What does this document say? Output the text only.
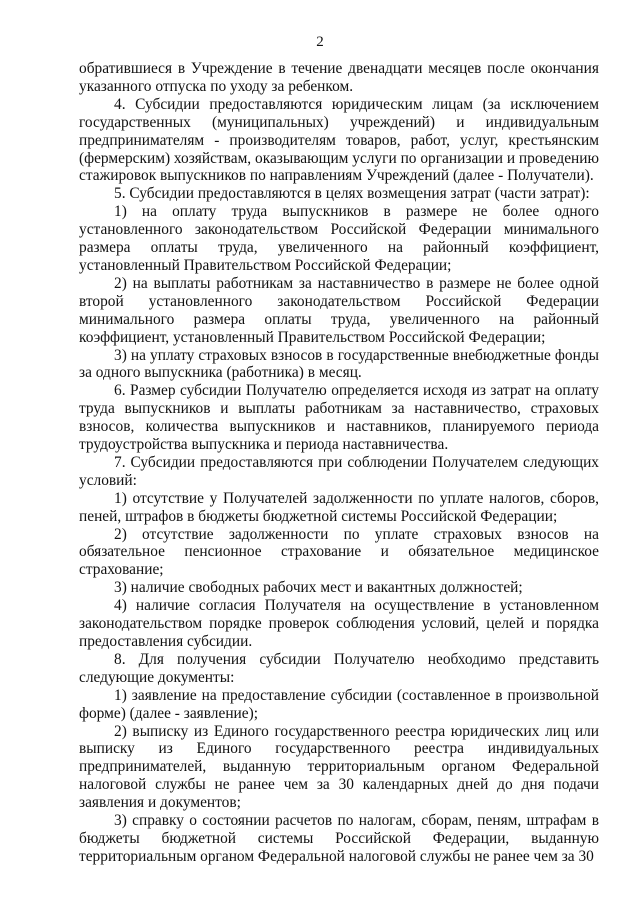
2

обратившиеся в Учреждение в течение двенадцати месяцев после окончания указанного отпуска по уходу за ребенком.

4. Субсидии предоставляются юридическим лицам (за исключением государственных (муниципальных) учреждений) и индивидуальным предпринимателям - производителям товаров, работ, услуг, крестьянским (фермерским) хозяйствам, оказывающим услуги по организации и проведению стажировок выпускников по направлениям Учреждений (далее - Получатели).

5. Субсидии предоставляются в целях возмещения затрат (части затрат):

1) на оплату труда выпускников в размере не более одного установленного законодательством Российской Федерации минимального размера оплаты труда, увеличенного на районный коэффициент, установленный Правительством Российской Федерации;

2) на выплаты работникам за наставничество в размере не более одной второй установленного законодательством Российской Федерации минимального размера оплаты труда, увеличенного на районный коэффициент, установленный Правительством Российской Федерации;

3) на уплату страховых взносов в государственные внебюджетные фонды за одного выпускника (работника) в месяц.

6. Размер субсидии Получателю определяется исходя из затрат на оплату труда выпускников и выплаты работникам за наставничество, страховых взносов, количества выпускников и наставников, планируемого периода трудоустройства выпускника и периода наставничества.

7. Субсидии предоставляются при соблюдении Получателем следующих условий:

1) отсутствие у Получателей задолженности по уплате налогов, сборов, пеней, штрафов в бюджеты бюджетной системы Российской Федерации;

2) отсутствие задолженности по уплате страховых взносов на обязательное пенсионное страхование и обязательное медицинское страхование;

3) наличие свободных рабочих мест и вакантных должностей;

4) наличие согласия Получателя на осуществление в установленном законодательством порядке проверок соблюдения условий, целей и порядка предоставления субсидии.

8. Для получения субсидии Получателю необходимо представить следующие документы:

1) заявление на предоставление субсидии (составленное в произвольной форме) (далее - заявление);

2) выписку из Единого государственного реестра юридических лиц или выписку из Единого государственного реестра индивидуальных предпринимателей, выданную территориальным органом Федеральной налоговой службы не ранее чем за 30 календарных дней до дня подачи заявления и документов;

3) справку о состоянии расчетов по налогам, сборам, пеням, штрафам в бюджеты бюджетной системы Российской Федерации, выданную территориальным органом Федеральной налоговой службы не ранее чем за 30
